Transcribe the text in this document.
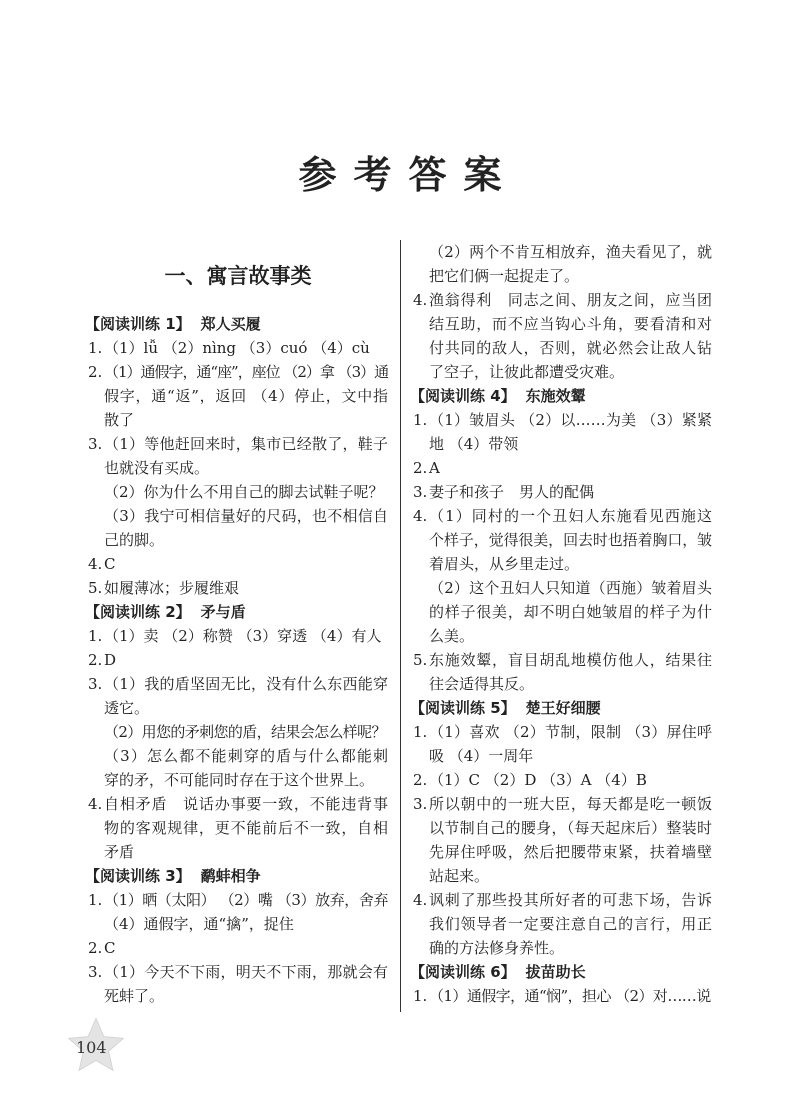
参考答案
一、寓言故事类
【阅读训练 1】 郑人买履
1. （1）lǚ （2）nìng （3）cuó （4）cù
2. （1）通假字，通“座”，座位 （2）拿 （3）通
假字，通“返”，返回 （4）停止，文中指
散了
3. （1）等他赶回来时，集市已经散了，鞋子
也就没有买成。
（2）你为什么不用自己的脚去试鞋子呢？
（3）我宁可相信量好的尺码，也不相信自
己的脚。
4. C
5. 如履薄冰；步履维艰
【阅读训练 2】 矛与盾
1. （1）卖 （2）称赞 （3）穿透 （4）有人
2. D
3. （1）我的盾坚固无比，没有什么东西能穿
透它。
（2）用您的矛刺您的盾，结果会怎么样呢？
（3）怎么都不能刺穿的盾与什么都能刺
穿的矛，不可能同时存在于这个世界上。
4. 自相矛盾　说话办事要一致，不能违背事
物的客观规律，更不能前后不一致，自相
矛盾
【阅读训练 3】 鹬蚌相争
1. （1）晒（太阳） （2）嘴 （3）放弃，舍弃
（4）通假字，通“擒”，捉住
2. C
3. （1）今天不下雨，明天不下雨，那就会有
死蚌了。
（2）两个不肯互相放弃，渔夫看见了，就
把它们俩一起捉走了。
4. 渔翁得利　同志之间、朋友之间，应当团
结互助，而不应当钩心斗角，要看清和对
付共同的敌人，否则，就必然会让敌人钻
了空子，让彼此都遭受灾难。
【阅读训练 4】 东施效颦
1. （1）皱眉头 （2）以……为美 （3）紧紧
地 （4）带领
2. A
3. 妻子和孩子　男人的配偶
4. （1）同村的一个丑妇人东施看见西施这
个样子，觉得很美，回去时也捂着胸口，皱
着眉头，从乡里走过。
（2）这个丑妇人只知道（西施）皱着眉头
的样子很美，却不明白她皱眉的样子为什
么美。
5. 东施效颦，盲目胡乱地模仿他人，结果往
往会适得其反。
【阅读训练 5】 楚王好细腰
1. （1）喜欢 （2）节制，限制 （3）屏住呼
吸 （4）一周年
2. （1）C （2）D （3）A （4）B
3. 所以朝中的一班大臣，每天都是吃一顿饭
以节制自己的腰身，（每天起床后）整装时
先屏住呼吸，然后把腰带束紧，扶着墙壁
站起来。
4. 讽刺了那些投其所好者的可悲下场，告诉
我们领导者一定要注意自己的言行，用正
确的方法修身养性。
【阅读训练 6】 拔苗助长
1. （1）通假字，通“悯”，担心 （2）对……说
104
